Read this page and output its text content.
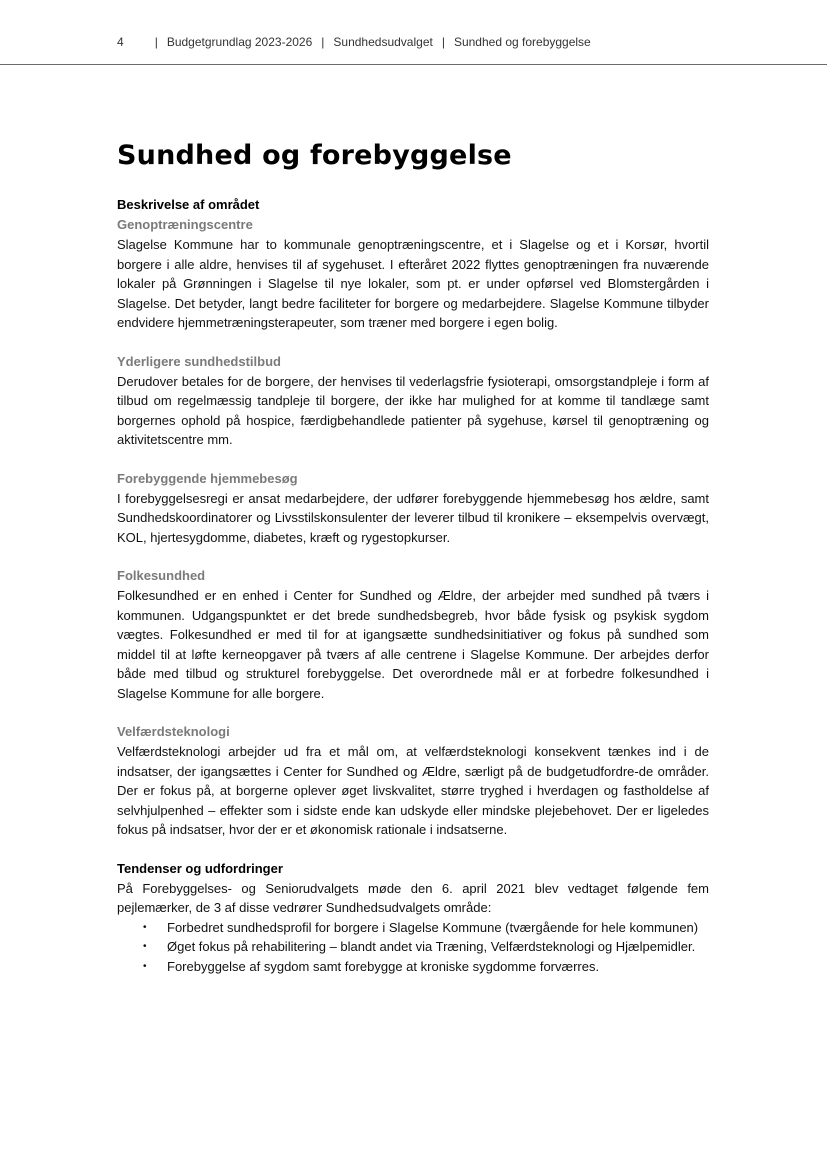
4	| Budgetgrundlag 2023-2026 | Sundhedsudvalget | Sundhed og forebyggelse
Sundhed og forebyggelse
Beskrivelse af området
Genoptræningscentre

Slagelse Kommune har to kommunale genoptræningscentre, et i Slagelse og et i Korsør, hvortil borgere i alle aldre, henvises til af sygehuset. I efteråret 2022 flyttes genoptræningen fra nuværende lokaler på Grønningen i Slagelse til nye lokaler, som pt. er under opførsel ved Blomstergården i Slagelse. Det betyder, langt bedre faciliteter for borgere og medarbejdere. Slagelse Kommune tilbyder endvidere hjemmetræningsterapeuter, som træner med borgere i egen bolig.

Yderligere sundhedstilbud

Derudover betales for de borgere, der henvises til vederlagsfrie fysioterapi, omsorgstandpleje i form af tilbud om regelmæssig tandpleje til borgere, der ikke har mulighed for at komme til tandlæge samt borgernes ophold på hospice, færdigbehandlede patienter på sygehuse, kørsel til genoptræning og aktivitetscentre mm.

Forebyggende hjemmebesøg

I forebyggelsesregi er ansat medarbejdere, der udfører forebyggende hjemmebesøg hos ældre, samt Sundhedskoordinatorer og Livsstilskonsulenter der leverer tilbud til kronikere – eksempelvis overvægt, KOL, hjertesygdomme, diabetes, kræft og rygestopkurser.

Folkesundhed

Folkesundhed er en enhed i Center for Sundhed og Ældre, der arbejder med sundhed på tværs i kommunen. Udgangspunktet er det brede sundhedsbegreb, hvor både fysisk og psykisk sygdom vægtes. Folkesundhed er med til for at igangsætte sundhedsinitiativer og fokus på sundhed som middel til at løfte kerneopgaver på tværs af alle centrene i Slagelse Kommune. Der arbejdes derfor både med tilbud og strukturel forebyggelse. Det overordnede mål er at forbedre folkesundhed i Slagelse Kommune for alle borgere.

Velfærdsteknologi

Velfærdsteknologi arbejder ud fra et mål om, at velfærdsteknologi konsekvent tænkes ind i de indsatser, der igangsættes i Center for Sundhed og Ældre, særligt på de budgetudfordre-de områder. Der er fokus på, at borgerne oplever øget livskvalitet, større tryghed i hverdagen og fastholdelse af selvhjulpenhed – effekter som i sidste ende kan udskyde eller mindske plejebehovet. Der er ligeledes fokus på indsatser, hvor der er et økonomisk rationale i indsatserne.

Tendenser og udfordringer

På Forebyggelses- og Seniorudvalgets møde den 6. april 2021 blev vedtaget følgende fem pejlemærker, de 3 af disse vedrører Sundhedsudvalgets område:

• Forbedret sundhedsprofil for borgere i Slagelse Kommune (tværgående for hele kommunen)
• Øget fokus på rehabilitering – blandt andet via Træning, Velfærdsteknologi og Hjælpemidler.
• Forebyggelse af sygdom samt forebygge at kroniske sygdomme forværres.
